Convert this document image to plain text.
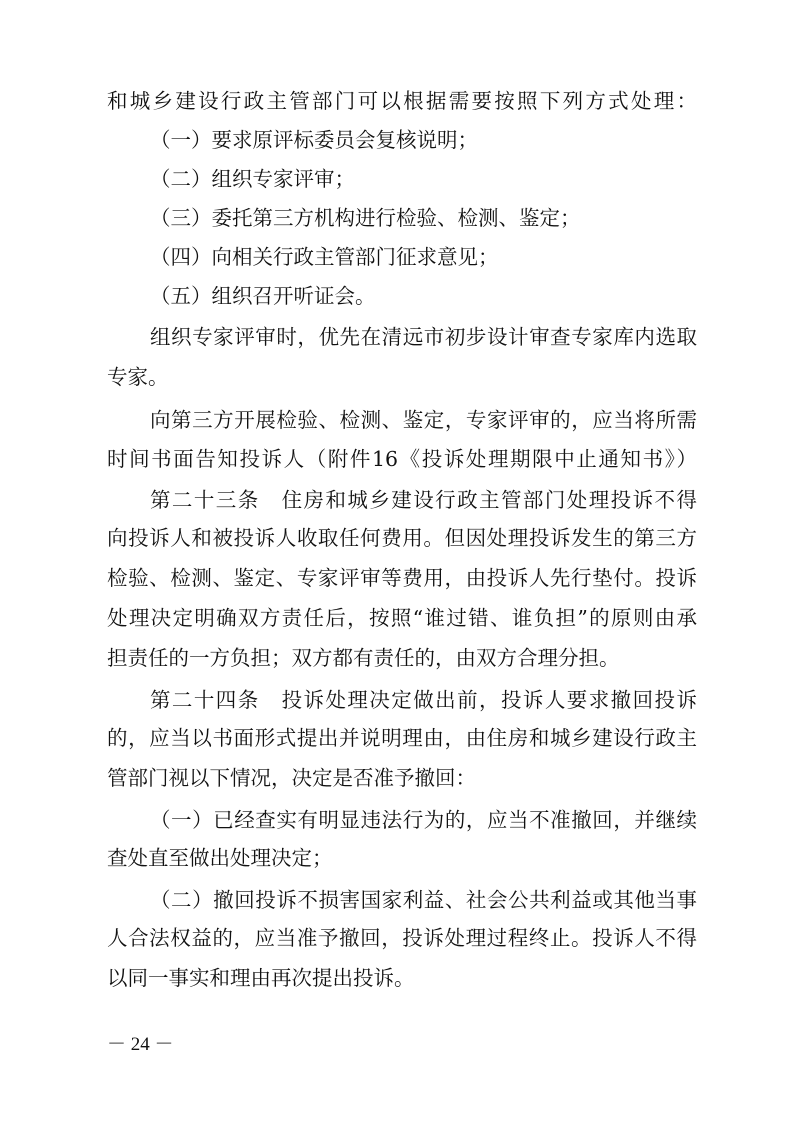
和城乡建设行政主管部门可以根据需要按照下列方式处理：
（一）要求原评标委员会复核说明；
（二）组织专家评审；
（三）委托第三方机构进行检验、检测、鉴定；
（四）向相关行政主管部门征求意见；
（五）组织召开听证会。
组织专家评审时，优先在清远市初步设计审查专家库内选取
专家。
向第三方开展检验、检测、鉴定，专家评审的，应当将所需
时间书面告知投诉人（附件16《投诉处理期限中止通知书》）
第二十三条　住房和城乡建设行政主管部门处理投诉不得
向投诉人和被投诉人收取任何费用。但因处理投诉发生的第三方
检验、检测、鉴定、专家评审等费用，由投诉人先行垫付。投诉
处理决定明确双方责任后，按照“谁过错、谁负担”的原则由承
担责任的一方负担；双方都有责任的，由双方合理分担。
第二十四条　投诉处理决定做出前，投诉人要求撤回投诉
的，应当以书面形式提出并说明理由，由住房和城乡建设行政主
管部门视以下情况，决定是否准予撤回：
（一）已经查实有明显违法行为的，应当不准撤回，并继续
查处直至做出处理决定；
（二）撤回投诉不损害国家利益、社会公共利益或其他当事
人合法权益的，应当准予撤回，投诉处理过程终止。投诉人不得
以同一事实和理由再次提出投诉。
－ 24 －
